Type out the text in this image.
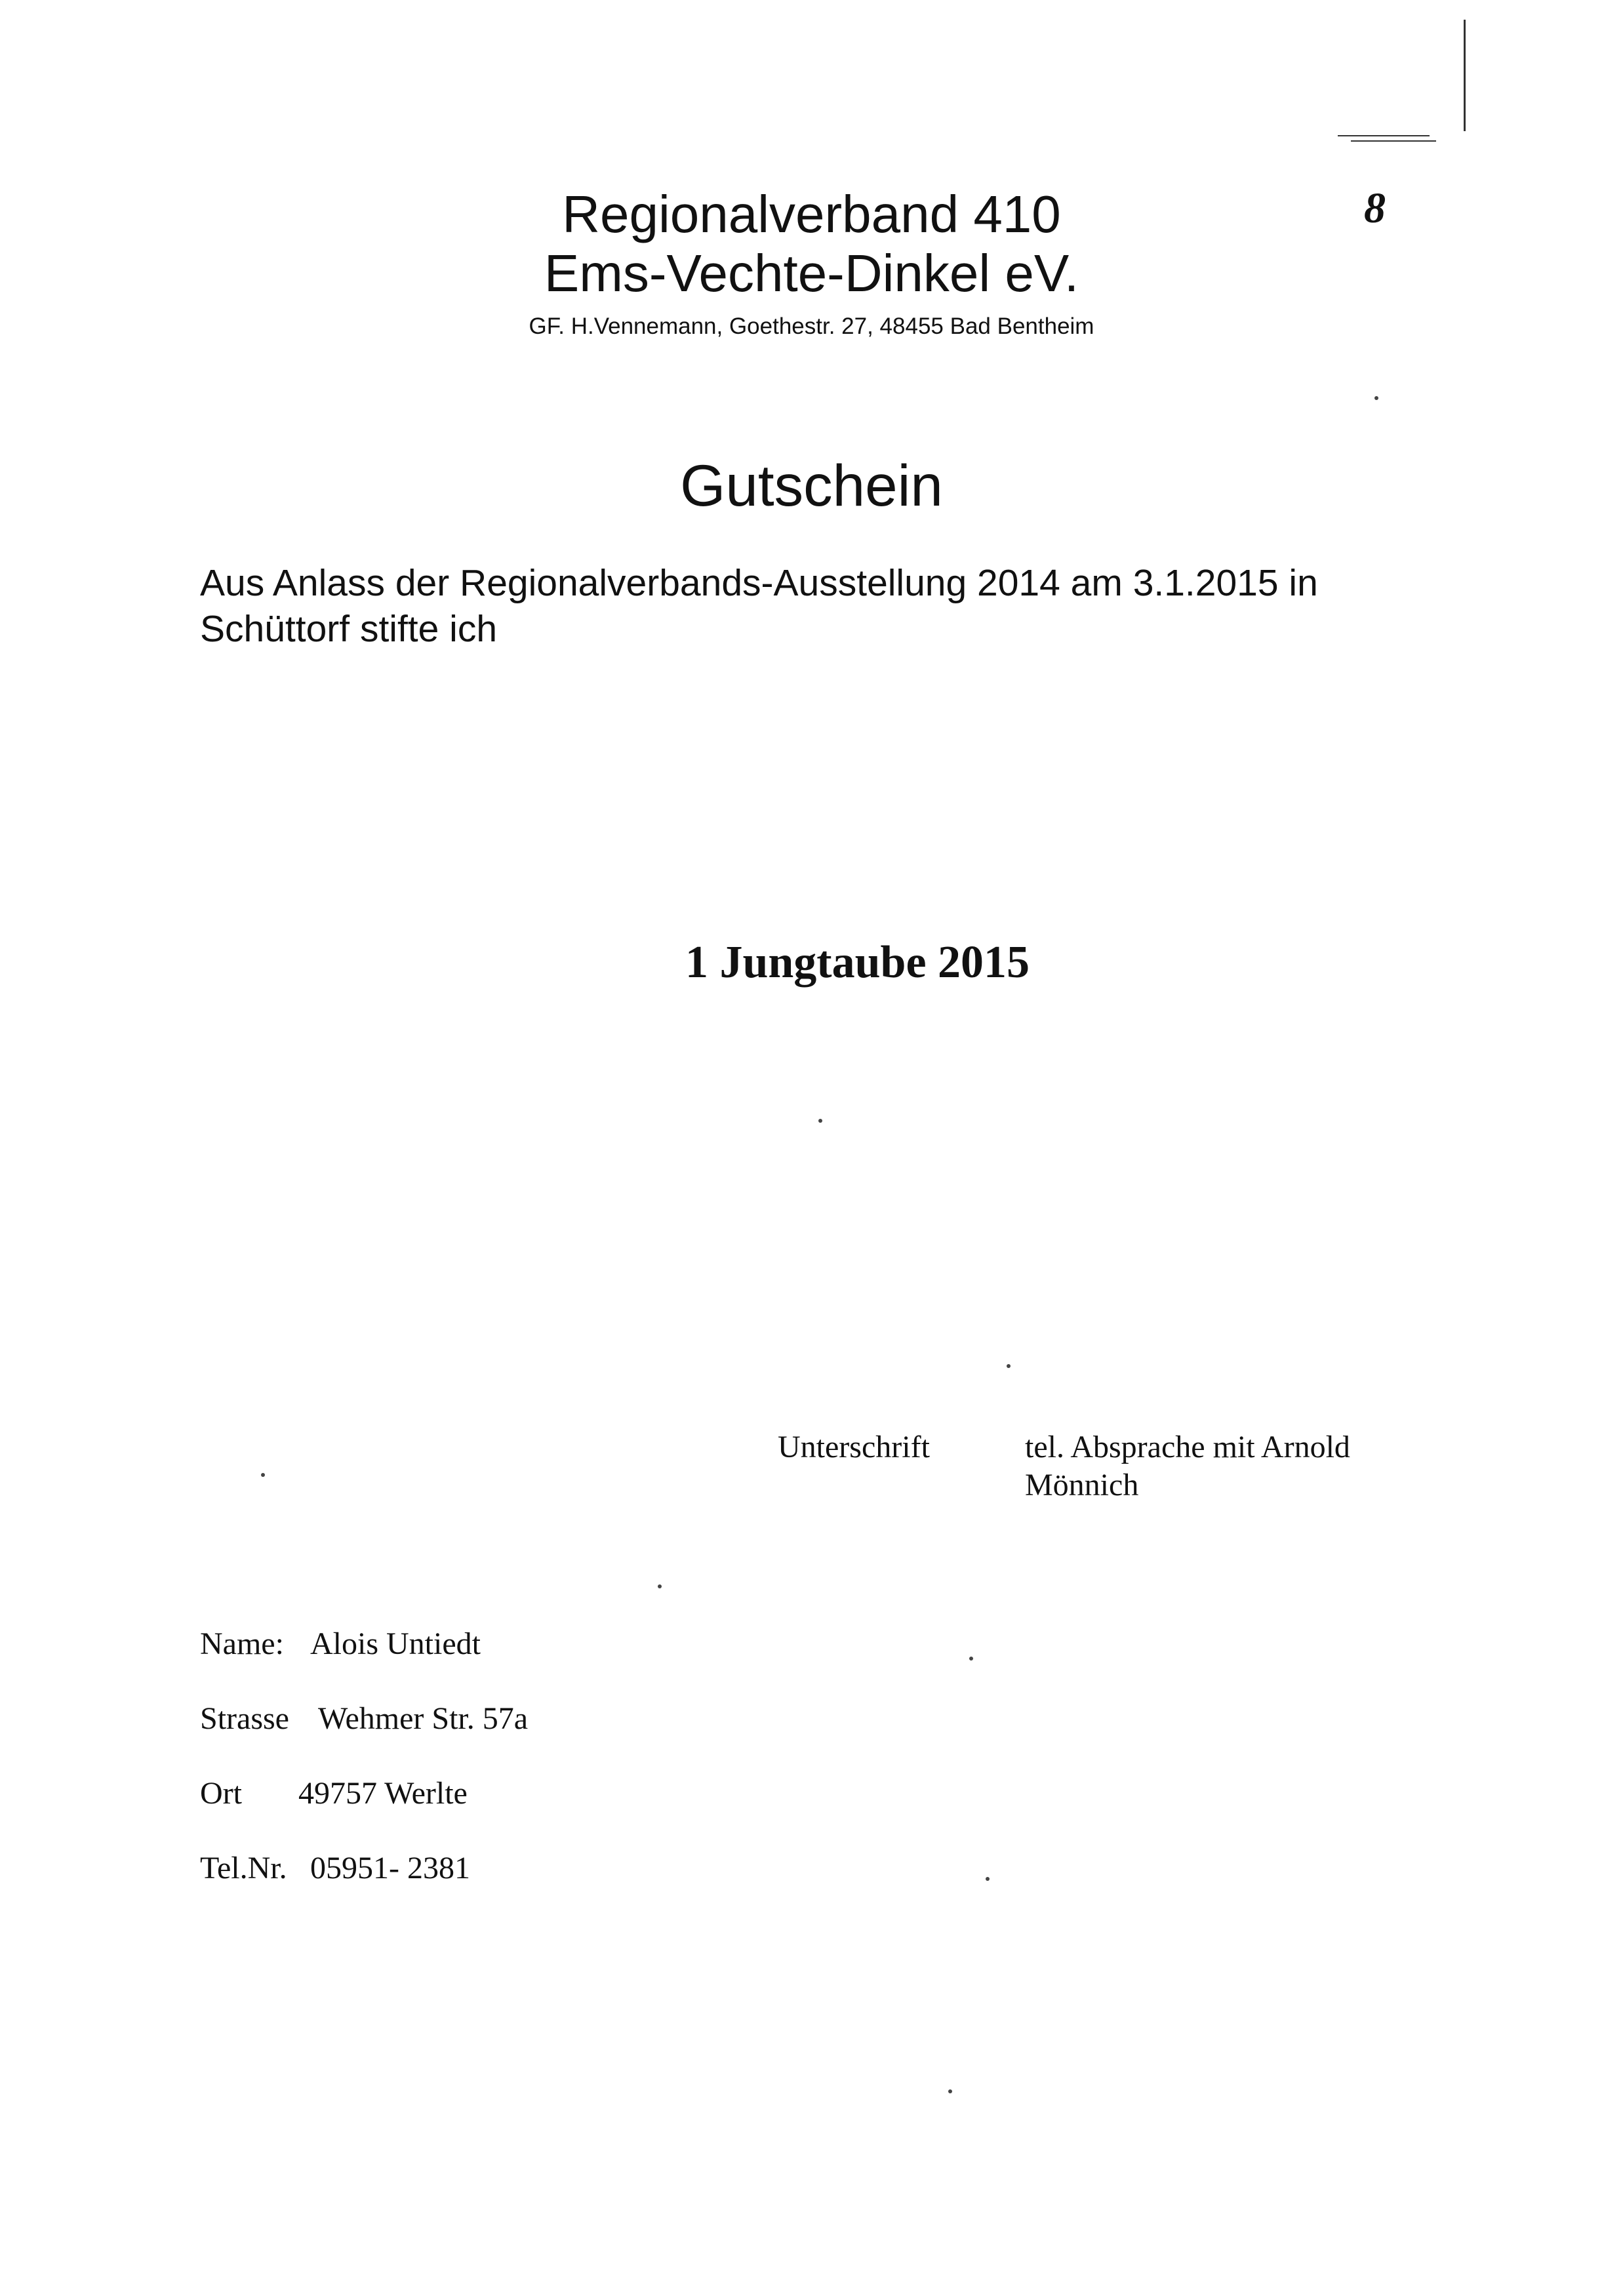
Regionalverband 410
Ems-Vechte-Dinkel eV.
GF. H.Vennemann, Goethestr. 27, 48455 Bad Bentheim
8
Gutschein
Aus Anlass der Regionalverbands-Ausstellung 2014 am 3.1.2015 in Schüttorf stifte ich
1 Jungtaube 2015
Unterschrift	tel. Absprache mit Arnold Mönnich
Name: Alois Untiedt
Strasse Wehmer Str. 57a
Ort 49757 Werlte
Tel.Nr. 05951- 2381
